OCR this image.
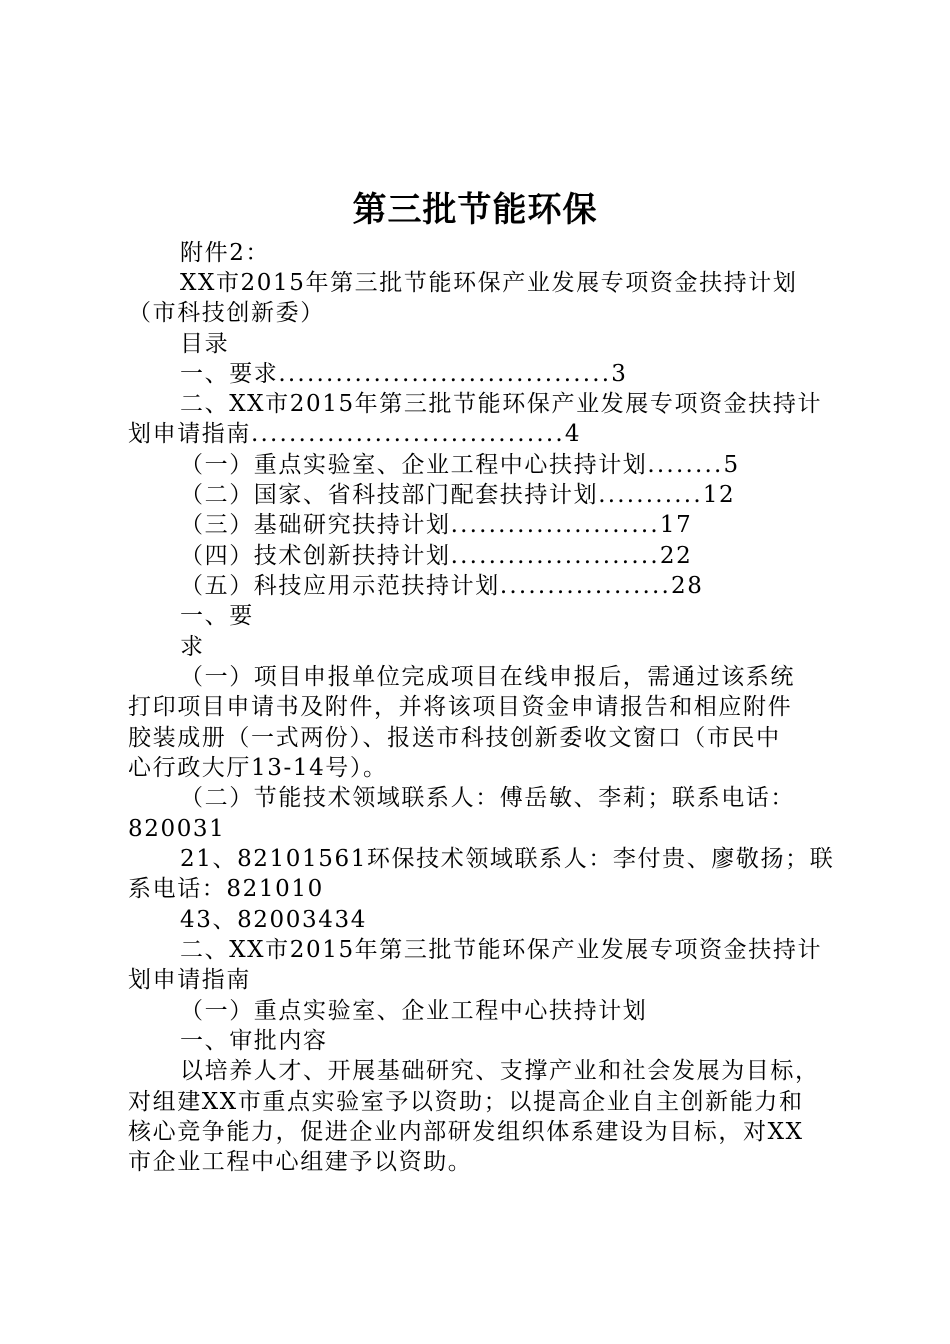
第三批节能环保
附件2：
XX市2015年第三批节能环保产业发展专项资金扶持计划
（市科技创新委）
目录
一、要求...................................3
二、XX市2015年第三批节能环保产业发展专项资金扶持计
划申请指南.................................4
（一）重点实验室、企业工程中心扶持计划........5
（二）国家、省科技部门配套扶持计划...........12
（三）基础研究扶持计划......................17
（四）技术创新扶持计划......................22
（五）科技应用示范扶持计划..................28
一、要
求
（一）项目申报单位完成项目在线申报后，需通过该系统
打印项目申请书及附件，并将该项目资金申请报告和相应附件
胶装成册（一式两份）、报送市科技创新委收文窗口（市民中
心行政大厅13-14号）。
（二）节能技术领域联系人：傅岳敏、李莉；联系电话：
820031
21、82101561环保技术领域联系人：李付贵、廖敬扬；联
系电话：821010
43、82003434
二、XX市2015年第三批节能环保产业发展专项资金扶持计
划申请指南
（一）重点实验室、企业工程中心扶持计划
一、审批内容
以培养人才、开展基础研究、支撑产业和社会发展为目标，
对组建XX市重点实验室予以资助；以提高企业自主创新能力和
核心竞争能力，促进企业内部研发组织体系建设为目标，对XX
市企业工程中心组建予以资助。
